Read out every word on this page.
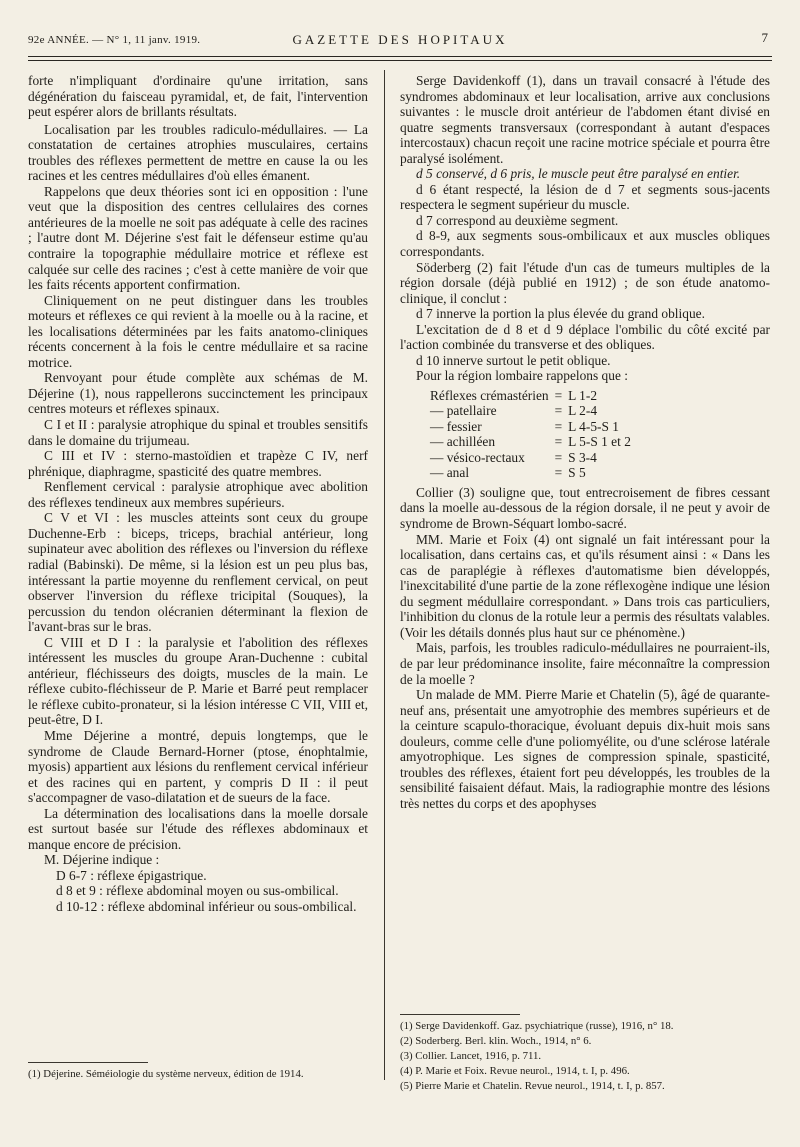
92e ANNÉE. — N° 1, 11 janv. 1919.	GAZETTE DES HOPITAUX	7

forte n'impliquant d'ordinaire qu'une irritation, sans dégénération du faisceau pyramidal, et, de fait, l'intervention peut espérer alors de brillants résultats.

Localisation par les troubles radiculo-médullaires. — La constatation de certaines atrophies musculaires, certains troubles des réflexes permettent de mettre en cause la ou les racines et les centres médullaires d'où elles émanent.

Rappelons que deux théories sont ici en opposition : l'une veut que la disposition des centres cellulaires des cornes antérieures de la moelle ne soit pas adéquate à celle des racines ; l'autre dont M. Déjerine s'est fait le défenseur estime qu'au contraire la topographie médullaire motrice et réflexe est calquée sur celle des racines ; c'est à cette manière de voir que les faits récents apportent confirmation.

Cliniquement on ne peut distinguer dans les troubles moteurs et réflexes ce qui revient à la moelle ou à la racine, et les localisations déterminées par les faits anatomo-cliniques récents concernent à la fois le centre médullaire et sa racine motrice.

Renvoyant pour étude complète aux schémas de M. Déjerine (1), nous rappellerons succinctement les principaux centres moteurs et réflexes spinaux.

C I et II : paralysie atrophique du spinal et troubles sensitifs dans le domaine du trijumeau.

C III et IV : sterno-mastoïdien et trapèze C IV, nerf phrénique, diaphragme, spasticité des quatre membres.

Renflement cervical : paralysie atrophique avec abolition des réflexes tendineux aux membres supérieurs.

C V et VI : les muscles atteints sont ceux du groupe Duchenne-Erb : biceps, triceps, brachial antérieur, long supinateur avec abolition des réflexes ou l'inversion du réflexe radial (Babinski). De même, si la lésion est un peu plus bas, intéressant la partie moyenne du renflement cervical, on peut observer l'inversion du réflexe tricipital (Souques), la percussion du tendon olécranien déterminant la flexion de l'avant-bras sur le bras.

C VIII et D I : la paralysie et l'abolition des réflexes intéressent les muscles du groupe Aran-Duchenne : cubital antérieur, fléchisseurs des doigts, muscles de la main. Le réflexe cubito-fléchisseur de P. Marie et Barré peut remplacer le réflexe cubito-pronateur, si la lésion intéresse C VII, VIII et, peut-être, D I.

Mme Déjerine a montré, depuis longtemps, que le syndrome de Claude Bernard-Horner (ptose, énophtalmie, myosis) appartient aux lésions du renflement cervical inférieur et des racines qui en partent, y compris D II : il peut s'accompagner de vaso-dilatation et de sueurs de la face.

La détermination des localisations dans la moelle dorsale est surtout basée sur l'étude des réflexes abdominaux et manque encore de précision.

M. Déjerine indique :

D 6-7 : réflexe épigastrique.
d 8 et 9 : réflexe abdominal moyen ou sus-ombilical.
d 10-12 : réflexe abdominal inférieur ou sous-ombilical.
(1) Déjerine. Séméiologie du système nerveux, édition de 1914.

Serge Davidenkoff (1), dans un travail consacré à l'étude des syndromes abdominaux et leur localisation, arrive aux conclusions suivantes : le muscle droit antérieur de l'abdomen étant divisé en quatre segments transversaux (correspondant à autant d'espaces intercostaux) chacun reçoit une racine motrice spéciale et pourra être paralysé isolément.

d 5 conservé, d 6 pris, le muscle peut être paralysé en entier.

d 6 étant respecté, la lésion de d 7 et segments sous-jacents respectera le segment supérieur du muscle.

d 7 correspond au deuxième segment.

d 8-9, aux segments sous-ombilicaux et aux muscles obliques correspondants.

Söderberg (2) fait l'étude d'un cas de tumeurs multiples de la région dorsale (déjà publié en 1912) ; de son étude anatomo-clinique, il conclut :

d 7 innerve la portion la plus élevée du grand oblique.

L'excitation de d 8 et d 9 déplace l'ombilic du côté excité par l'action combinée du transverse et des obliques.

d 10 innerve surtout le petit oblique.

Pour la région lombaire rappelons que :

Réflexes crémastérien	=	L 1-2
— patellaire	=	L 2-4
— fessier	=	L 4-5-S 1
— achilléen	=	L 5-S 1 et 2
— vésico-rectaux	=	S 3-4
— anal	=	S 5

Collier (3) souligne que, tout entrecroisement de fibres cessant dans la moelle au-dessous de la région dorsale, il ne peut y avoir de syndrome de Brown-Séquart lombo-sacré.

MM. Marie et Foix (4) ont signalé un fait intéressant pour la localisation, dans certains cas, et qu'ils résument ainsi : « Dans les cas de paraplégie à réflexes d'automatisme bien développés, l'inexcitabilité d'une partie de la zone réflexogène indique une lésion du segment médullaire correspondant. » Dans trois cas particuliers, l'inhibition du clonus de la rotule leur a permis des résultats valables. (Voir les détails donnés plus haut sur ce phénomène.)

Mais, parfois, les troubles radiculo-médullaires ne pourraient-ils, de par leur prédominance insolite, faire méconnaître la compression de la moelle ?

Un malade de MM. Pierre Marie et Chatelin (5), âgé de quarante-neuf ans, présentait une amyotrophie des membres supérieurs et de la ceinture scapulo-thoracique, évoluant depuis dix-huit mois sans douleurs, comme celle d'une poliomyélite, ou d'une sclérose latérale amyotrophique. Les signes de compression spinale, spasticité, troubles des réflexes, étaient fort peu développés, les troubles de la sensibilité faisaient défaut. Mais, la radiographie montre des lésions très nettes du corps et des apophyses

(1) Serge Davidenkoff. Gaz. psychiatrique (russe), 1916, n° 18.
(2) Soderberg. Berl. klin. Woch., 1914, n° 6.
(3) Collier. Lancet, 1916, p. 711.
(4) P. Marie et Foix. Revue neurol., 1914, t. I, p. 496.
(5) Pierre Marie et Chatelin. Revue neurol., 1914, t. I, p. 857.
